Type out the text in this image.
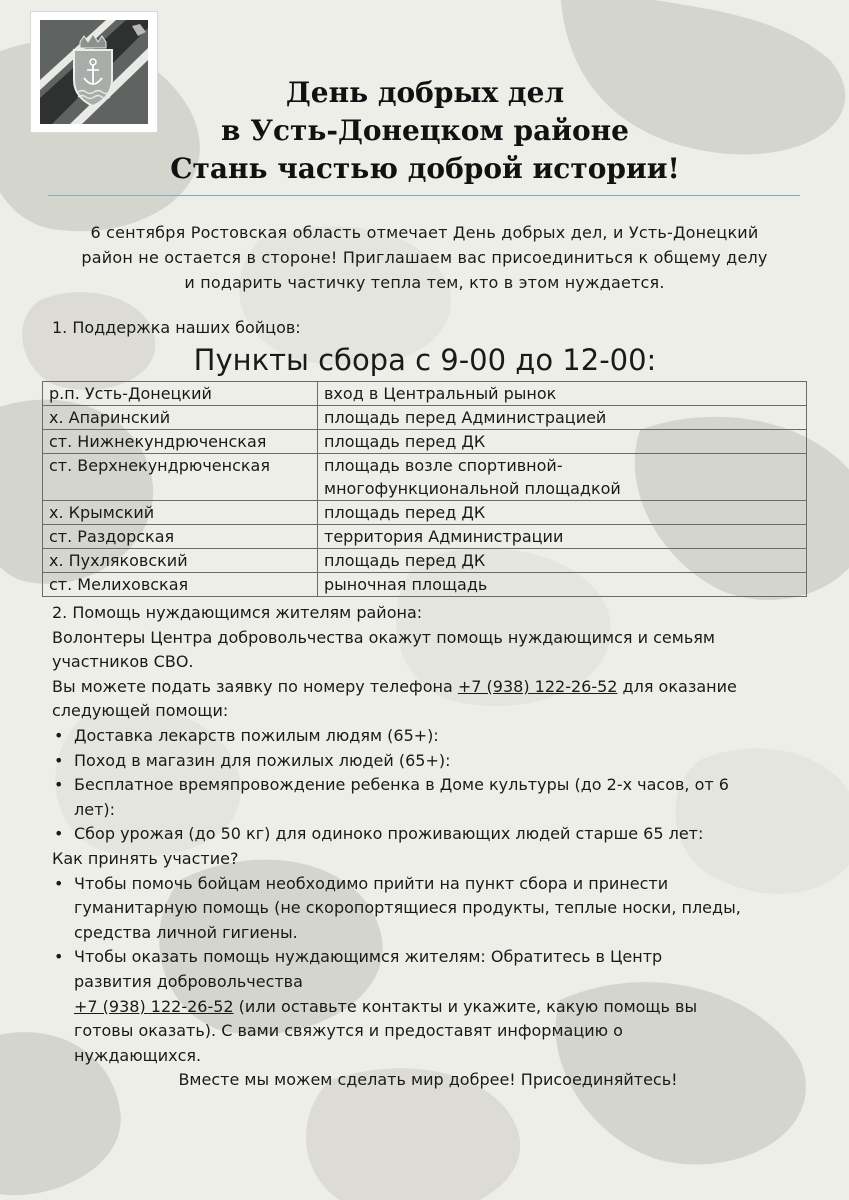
День добрых дел
в Усть-Донецком районе
Стань частью доброй истории!
6 сентября Ростовская область отмечает День добрых дел, и Усть-Донецкий
район не остается в стороне! Приглашаем вас присоединиться к общему делу
и подарить частичку тепла тем, кто в этом нуждается.
1. Поддержка наших бойцов:
Пункты сбора с 9-00 до 12-00:
р.п. Усть-Донецкий	вход в Центральный рынок
х. Апаринский	площадь перед Администрацией
ст. Нижнекундрюченская	площадь перед ДК
ст. Верхнекундрюченская	площадь возле спортивной-
многофункциональной площадкой

х. Крымский	площадь перед ДК
ст. Раздорская	территория Администрации
х. Пухляковский	площадь перед ДК
ст. Мелиховская	рыночная площадь

2. Помощь нуждающимся жителям района:

Волонтеры Центра добровольчества окажут помощь нуждающимся и семьям

участников СВО.

Вы можете подать заявку по номеру телефона +7 (938) 122-26-52 для оказание

следующей помощи:

• Доставка лекарств пожилым людям (65+):

• Поход в магазин для пожилых людей (65+):

• Бесплатное времяпровождение ребенка в Доме культуры (до 2-х часов, от 6

лет):

• Сбор урожая (до 50 кг) для одиноко проживающих людей старше 65 лет:

Как принять участие?

• Чтобы помочь бойцам необходимо прийти на пункт сбора и принести

гуманитарную помощь (не скоропортящиеся продукты, теплые носки, пледы,

средства личной гигиены.

• Чтобы оказать помощь нуждающимся жителям: Обратитесь в Центр

развития добровольчества

+7 (938) 122-26-52 (или оставьте контакты и укажите, какую помощь вы

готовы оказать). С вами свяжутся и предоставят информацию о

нуждающихся.

Вместе мы можем сделать мир добрее! Присоединяйтесь!
